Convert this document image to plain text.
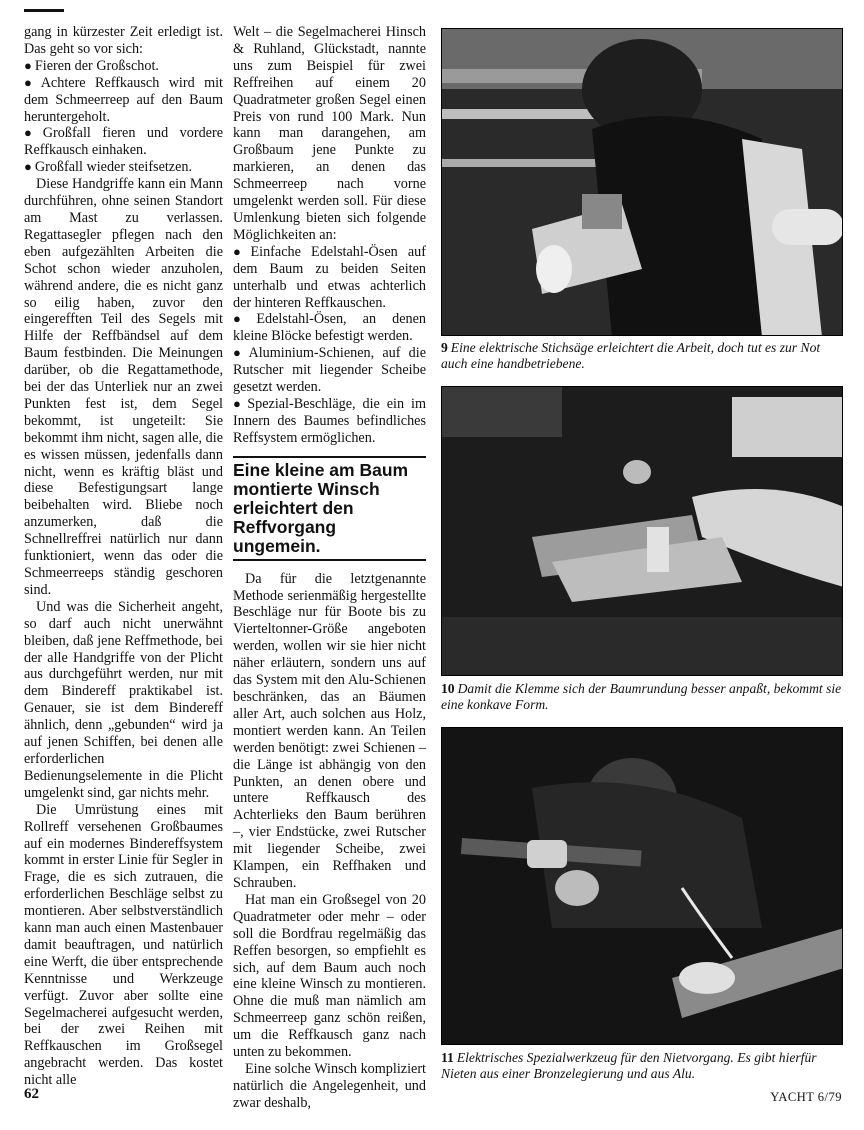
gang in kürzester Zeit erledigt ist. Das geht so vor sich:

● Fieren der Großschot.

● Achtere Reffkausch wird mit dem Schmeerreep auf den Baum heruntergeholt.

● Großfall fieren und vordere Reffkausch einhaken.

● Großfall wieder steifsetzen.

Diese Handgriffe kann ein Mann durchführen, ohne seinen Standort am Mast zu verlassen. Regattasegler pflegen nach den eben aufgezählten Arbeiten die Schot schon wieder anzuholen, während andere, die es nicht ganz so eilig haben, zuvor den eingerefften Teil des Segels mit Hilfe der Reffbändsel auf dem Baum festbinden. Die Meinungen darüber, ob die Regattamethode, bei der das Unterliek nur an zwei Punkten fest ist, dem Segel bekommt, ist ungeteilt: Sie bekommt ihm nicht, sagen alle, die es wissen müssen, jedenfalls dann nicht, wenn es kräftig bläst und diese Befestigungsart lange beibehalten wird. Bliebe noch anzumerken, daß die Schnellreffrei natürlich nur dann funktioniert, wenn das oder die Schmeerreeps ständig geschoren sind.

Und was die Sicherheit angeht, so darf auch nicht unerwähnt bleiben, daß jene Reffmethode, bei der alle Handgriffe von der Plicht aus durchgeführt werden, nur mit dem Bindereff praktikabel ist. Genauer, sie ist dem Bindereff ähnlich, denn „gebunden“ wird ja auf jenen Schiffen, bei denen alle erforderlichen Bedienungselemente in die Plicht umgelenkt sind, gar nichts mehr.

Die Umrüstung eines mit Rollreff versehenen Großbaumes auf ein modernes Bindereffsystem kommt in erster Linie für Segler in Frage, die es sich zutrauen, die erforderlichen Beschläge selbst zu montieren. Aber selbstverständlich kann man auch einen Mastenbauer damit beauftragen, und natürlich eine Werft, die über entsprechende Kenntnisse und Werkzeuge verfügt. Zuvor aber sollte eine Segelmacherei aufgesucht werden, bei der zwei Reihen mit Reffkauschen im Großsegel angebracht werden. Das kostet nicht alle

Welt – die Segelmacherei Hinsch & Ruhland, Glückstadt, nannte uns zum Beispiel für zwei Reffreihen auf einem 20 Quadratmeter großen Segel einen Preis von rund 100 Mark. Nun kann man darangehen, am Großbaum jene Punkte zu markieren, an denen das Schmeerreep nach vorne umgelenkt werden soll. Für diese Umlenkung bieten sich folgende Möglichkeiten an:

● Einfache Edelstahl-Ösen auf dem Baum zu beiden Seiten unterhalb und etwas achterlich der hinteren Reffkauschen.

● Edelstahl-Ösen, an denen kleine Blöcke befestigt werden.

● Aluminium-Schienen, auf die Rutscher mit liegender Scheibe gesetzt werden.

● Spezial-Beschläge, die ein im Innern des Baumes befindliches Reffsystem ermöglichen.

Eine kleine am Baum montierte Winsch erleichtert den Reffvorgang ungemein.

Da für die letztgenannte Methode serienmäßig hergestellte Beschläge nur für Boote bis zu Vierteltonner-Größe angeboten werden, wollen wir sie hier nicht näher erläutern, sondern uns auf das System mit den Alu-Schienen beschränken, das an Bäumen aller Art, auch solchen aus Holz, montiert werden kann. An Teilen werden benötigt: zwei Schienen – die Länge ist abhängig von den Punkten, an denen obere und untere Reffkausch des Achterlieks den Baum berühren –, vier Endstücke, zwei Rutscher mit liegender Scheibe, zwei Klampen, ein Reffhaken und Schrauben.

Hat man ein Großsegel von 20 Quadratmeter oder mehr – oder soll die Bordfrau regelmäßig das Reffen besorgen, so empfiehlt es sich, auf dem Baum auch noch eine kleine Winsch zu montieren. Ohne die muß man nämlich am Schmeerreep ganz schön reißen, um die Reffkausch ganz nach unten zu bekommen.

Eine solche Winsch kompliziert natürlich die Angelegenheit, und zwar deshalb,

9 Eine elektrische Stichsäge erleichtert die Arbeit, doch tut es zur Not auch eine handbetriebene.
10 Damit die Klemme sich der Baumrundung besser anpaßt, bekommt sie eine konkave Form.
11 Elektrisches Spezialwerkzeug für den Nietvorgang. Es gibt hierfür Nieten aus einer Bronzelegierung und aus Alu.
62	YACHT 6/79
